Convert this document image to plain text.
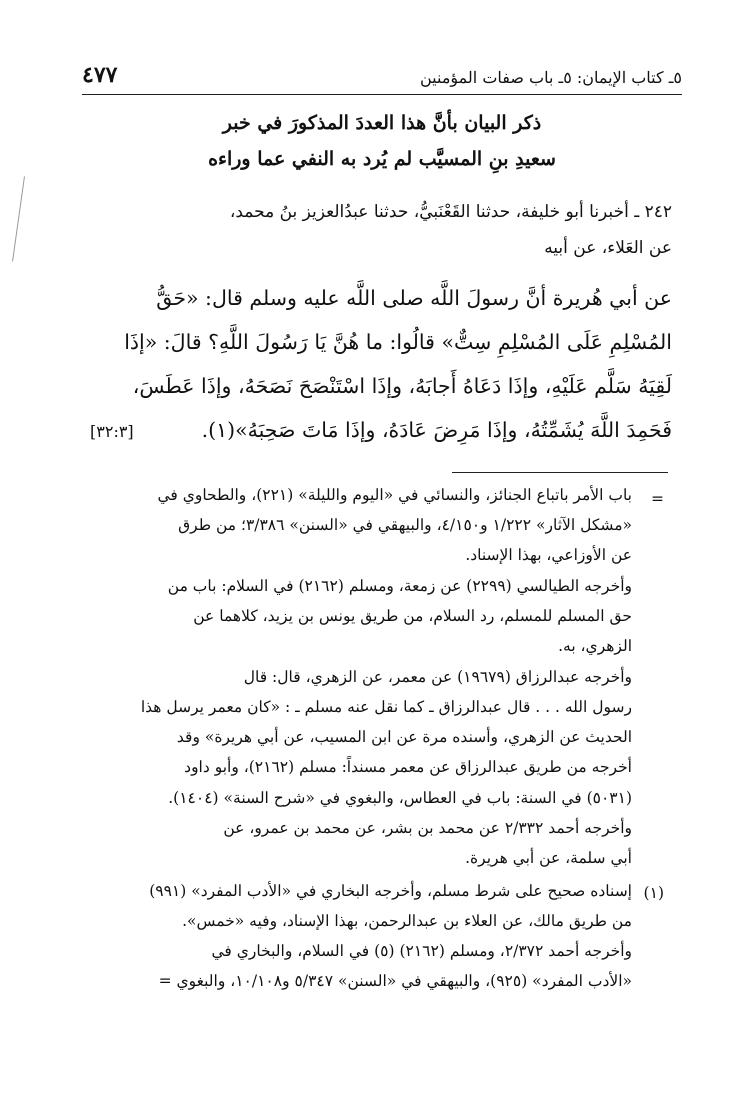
٥ـ كتاب الإيمان: ٥ـ باب صفات المؤمنين
٤٧٧
ذكر البيان بأنَّ هذا العددَ المذكورَ في خبر
سعيدِ بنِ المسيَّب لم يُرد به النفي عما وراءه
٢٤٢ ـ أخبرنا أبو خليفة، حدثنا القَعْنَبيُّ، حدثنا عبدُالعزيز بنُ محمد،
عن العَلاء، عن أبيه
عن أبي هُريرة أنَّ رسولَ اللَّه صلى اللَّه عليه وسلم قال: «حَقُّ
المُسْلِمِ عَلَى المُسْلِمِ سِتٌّ» قالُوا: ما هُنَّ يَا رَسُولَ اللَّهِ؟ قالَ: «إذَا
لَقِيَهُ سَلَّم عَلَيْهِ، وإذَا دَعَاهُ أَجابَهُ، وإذَا اسْتَنْصَحَ نَصَحَهُ، وإذَا عَطَسَ،
فَحَمِدَ اللَّهَ يُشَمِّتُهُ، وإذَا مَرِضَ عَادَهُ، وإذَا مَاتَ صَحِبَهُ»(١).
[٣٢:٣]
=
باب الأمر باتباع الجنائز، والنسائي في «اليوم والليلة» (٢٢١)، والطحاوي في
«مشكل الآثار» ١/٢٢٢ و٤/١٥٠، والبيهقي في «السنن» ٣/٣٨٦؛ من طرق
عن الأوزاعي، بهذا الإسناد.
وأخرجه الطيالسي (٢٢٩٩) عن زمعة، ومسلم (٢١٦٢) في السلام: باب من
حق المسلم للمسلم، رد السلام، من طريق يونس بن يزيد، كلاهما عن
الزهري، به.
وأخرجه عبدالرزاق (١٩٦٧٩) عن معمر، عن الزهري، قال: قال
رسول الله . . . قال عبدالرزاق ـ كما نقل عنه مسلم ـ : «كان معمر يرسل هذا
الحديث عن الزهري، وأسنده مرة عن ابن المسيب، عن أبي هريرة» وقد
أخرجه من طريق عبدالرزاق عن معمر مسنداً: مسلم (٢١٦٢)، وأبو داود
(٥٠٣١) في السنة: باب في العطاس، والبغوي في «شرح السنة» (١٤٠٤).
وأخرجه أحمد ٢/٣٣٢ عن محمد بن بشر، عن محمد بن عمرو، عن
أبي سلمة، عن أبي هريرة.
(١)
إسناده صحيح على شرط مسلم، وأخرجه البخاري في «الأدب المفرد» (٩٩١)
من طريق مالك، عن العلاء بن عبدالرحمن، بهذا الإسناد، وفيه «خمس».
وأخرجه أحمد ٢/٣٧٢، ومسلم (٢١٦٢) (٥) في السلام، والبخاري في
«الأدب المفرد» (٩٢٥)، والبيهقي في «السنن» ٥/٣٤٧ و١٠/١٠٨، والبغوي =
